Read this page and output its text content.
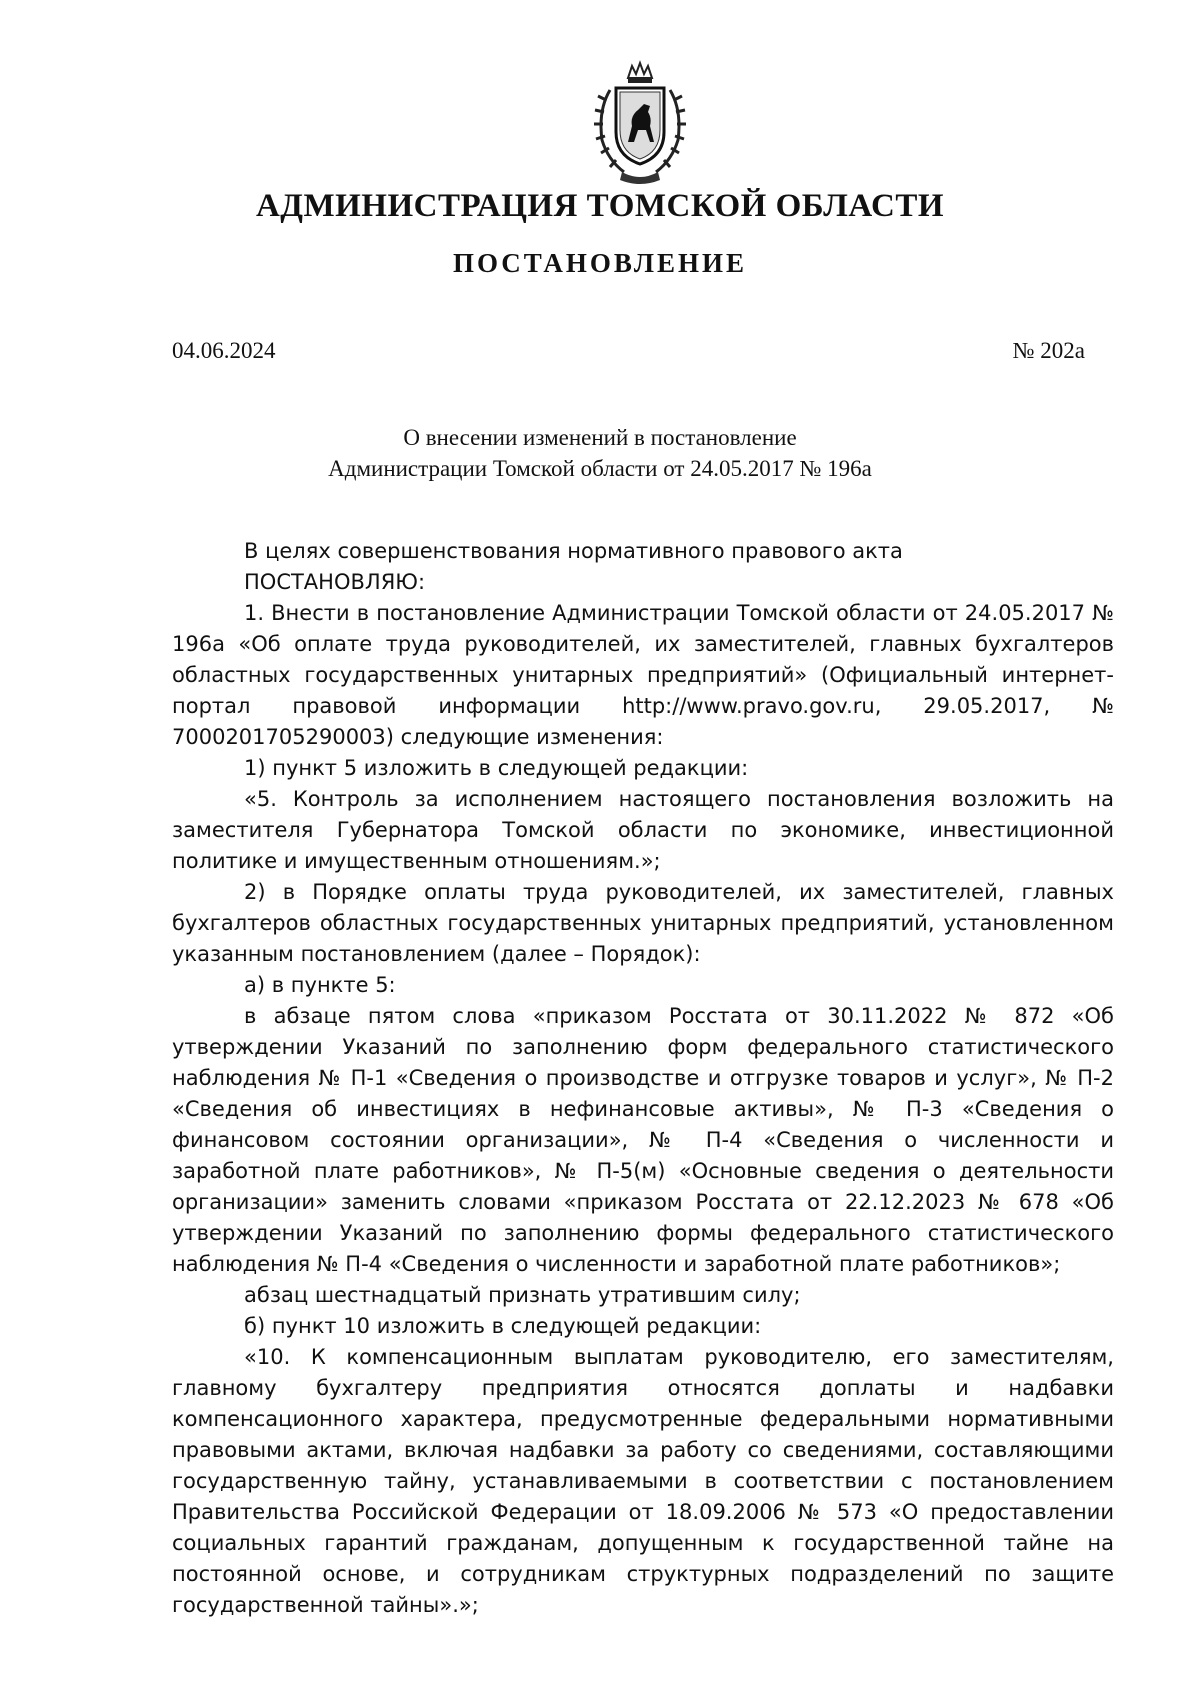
АДМИНИСТРАЦИЯ ТОМСКОЙ ОБЛАСТИ
ПОСТАНОВЛЕНИЕ
04.06.2024	№ 202а
О внесении изменений в постановление
Администрации Томской области от 24.05.2017 № 196а

В целях совершенствования нормативного правового акта

ПОСТАНОВЛЯЮ:

1. Внести в постановление Администрации Томской области от 24.05.2017 № 196а «Об оплате труда руководителей, их заместителей, главных бухгалтеров областных государственных унитарных предприятий» (Официальный интернет-портал правовой информации http://www.pravo.gov.ru, 29.05.2017, № 7000201705290003) следующие изменения:

1) пункт 5 изложить в следующей редакции:

«5. Контроль за исполнением настоящего постановления возложить на заместителя Губернатора Томской области по экономике, инвестиционной политике и имущественным отношениям.»;

2) в Порядке оплаты труда руководителей, их заместителей, главных бухгалтеров областных государственных унитарных предприятий, установленном указанным постановлением (далее – Порядок):

а) в пункте 5:

в абзаце пятом слова «приказом Росстата от 30.11.2022 № 872 «Об утверждении Указаний по заполнению форм федерального статистического наблюдения № П-1 «Сведения о производстве и отгрузке товаров и услуг», № П-2 «Сведения об инвестициях в нефинансовые активы», № П-3 «Сведения о финансовом состоянии организации», № П-4 «Сведения о численности и заработной плате работников», № П-5(м) «Основные сведения о деятельности организации» заменить словами «приказом Росстата от 22.12.2023 № 678 «Об утверждении Указаний по заполнению формы федерального статистического наблюдения № П-4 «Сведения о численности и заработной плате работников»;

абзац шестнадцатый признать утратившим силу;

б) пункт 10 изложить в следующей редакции:

«10. К компенсационным выплатам руководителю, его заместителям, главному бухгалтеру предприятия относятся доплаты и надбавки компенсационного характера, предусмотренные федеральными нормативными правовыми актами, включая надбавки за работу со сведениями, составляющими государственную тайну, устанавливаемыми в соответствии с постановлением Правительства Российской Федерации от 18.09.2006 № 573 «О предоставлении социальных гарантий гражданам, допущенным к государственной тайне на постоянной основе, и сотрудникам структурных подразделений по защите государственной тайны».»;
